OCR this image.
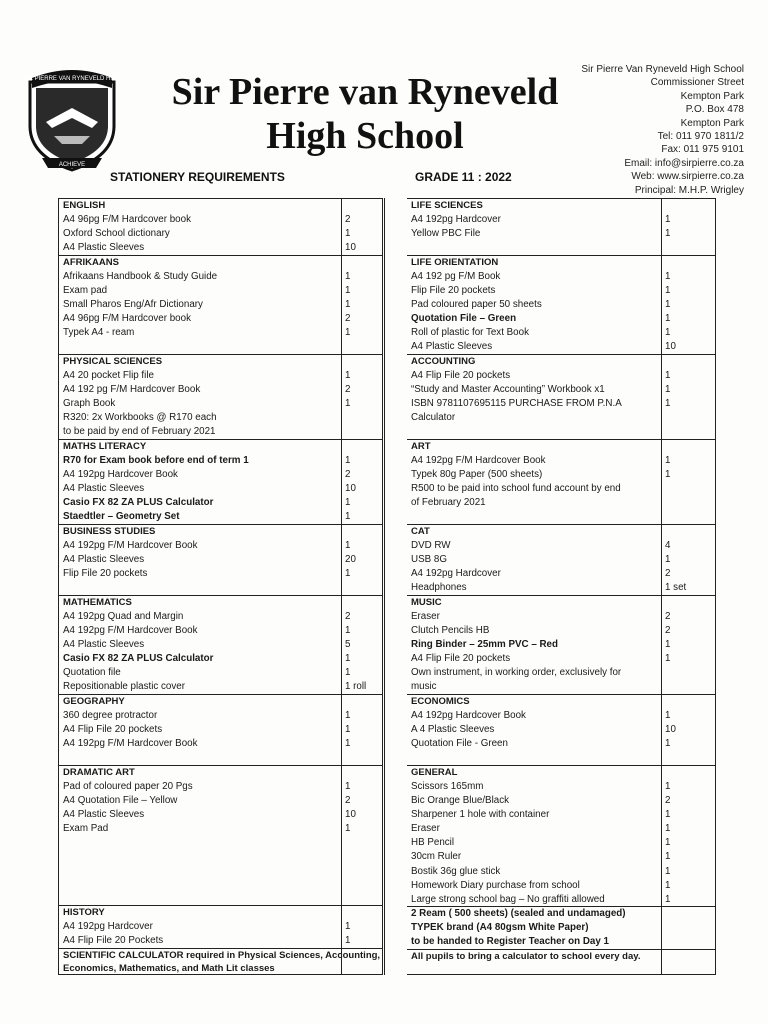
SIR PIERRE VAN RYNEVELD HIGH
ACHIEVE
Sir Pierre van Ryneveld
High School
Sir Pierre Van Ryneveld High School
Commissioner Street
Kempton Park
P.O. Box 478
Kempton Park
Tel: 011 970 1811/2
Fax: 011 975 9101
Email: info@sirpierre.co.za
Web: www.sirpierre.co.za
Principal: M.H.P. Wrigley
STATIONERY REQUIREMENTS	GRADE 11 : 2022
ENGLISH
A4 96pg F/M Hardcover book	2
Oxford School dictionary	1
A4 Plastic Sleeves	10
AFRIKAANS
Afrikaans Handbook & Study Guide	1
Exam pad	1
Small Pharos Eng/Afr Dictionary	1
A4 96pg F/M Hardcover book	2
Typek A4 - ream	1
PHYSICAL SCIENCES
A4 20 pocket Flip file	1
A4 192 pg F/M Hardcover Book	2
Graph Book	1
R320: 2x Workbooks @ R170 each
to be paid by end of February 2021
MATHS LITERACY
R70 for Exam book before end of term 1	1
A4 192pg Hardcover Book	2
A4 Plastic Sleeves	10
Casio FX 82 ZA PLUS Calculator	1
Staedtler – Geometry Set	1
BUSINESS STUDIES
A4 192pg F/M Hardcover Book	1
A4 Plastic Sleeves	20
Flip File 20 pockets	1
MATHEMATICS
A4 192pg Quad and Margin	2
A4 192pg F/M Hardcover Book	1
A4 Plastic Sleeves	5
Casio FX 82 ZA PLUS Calculator	1
Quotation file	1
Repositionable plastic cover	1 roll
GEOGRAPHY
360 degree protractor	1
A4 Flip File 20 pockets	1
A4 192pg F/M Hardcover Book	1
DRAMATIC ART
Pad of coloured paper 20 Pgs	1
A4 Quotation File – Yellow	2
A4 Plastic Sleeves	10
Exam Pad	1
HISTORY
A4 192pg Hardcover	1
A4 Flip File 20 Pockets	1
SCIENTIFIC CALCULATOR required in Physical Sciences, Accounting, Economics, Mathematics, and Math Lit classes
LIFE SCIENCES
A4 192pg Hardcover	1
Yellow PBC File	1
LIFE ORIENTATION
A4 192 pg F/M Book	1
Flip File 20 pockets	1
Pad coloured paper 50 sheets	1
Quotation File – Green	1
Roll of plastic for Text Book	1
A4 Plastic Sleeves	10
ACCOUNTING
A4 Flip File 20 pockets	1
“Study and Master Accounting” Workbook x1	1
ISBN 9781107695115 PURCHASE FROM P.N.A	1
Calculator
ART
A4 192pg F/M Hardcover Book	1
Typek 80g Paper (500 sheets)	1
R500 to be paid into school fund account by end
of February 2021
CAT
DVD RW	4
USB 8G	1
A4 192pg Hardcover	2
Headphones	1 set
MUSIC
Eraser	2
Clutch Pencils HB	2
Ring Binder – 25mm PVC – Red	1
A4 Flip File 20 pockets	1
Own instrument, in working order, exclusively for
music
ECONOMICS
A4 192pg Hardcover Book	1
A 4 Plastic Sleeves	10
Quotation File - Green	1
GENERAL
Scissors 165mm	1
Bic Orange Blue/Black	2
Sharpener 1 hole with container	1
Eraser	1
HB Pencil	1
30cm Ruler	1
Bostik 36g glue stick	1
Homework Diary purchase from school	1
Large strong school bag – No graffiti allowed	1
2 Ream ( 500 sheets) (sealed and undamaged)
TYPEK brand (A4 80gsm White Paper)
to be handed to Register Teacher on Day 1
All pupils to bring a calculator to school every day.
